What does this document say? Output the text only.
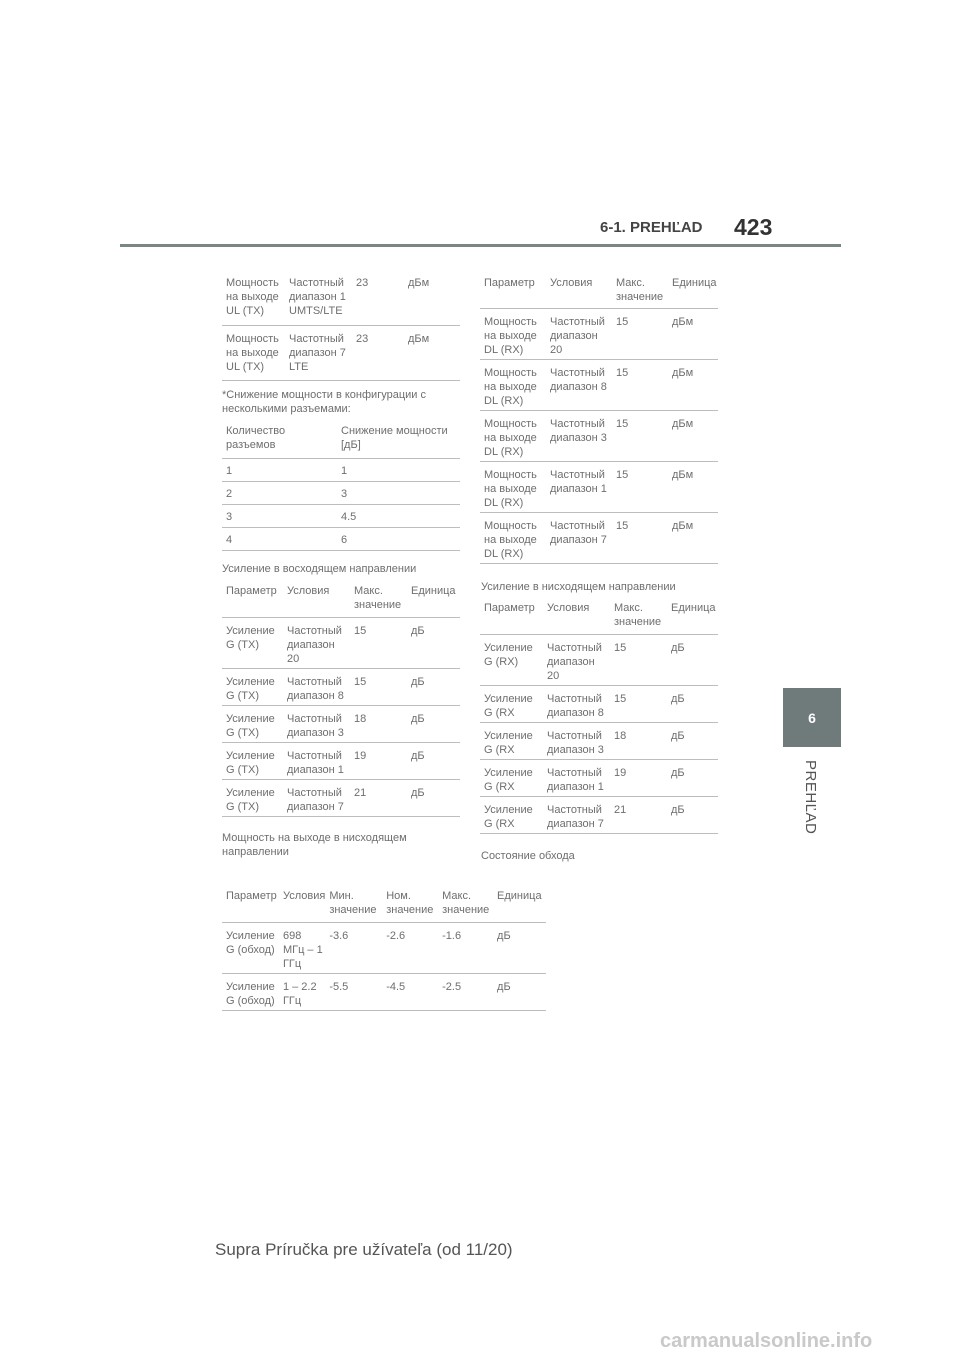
6-1. PREHĽAD 423
6
PREHĽAD
Мощность на выходе UL (TX)	Частотный диапазон 1 UMTS/LTE	23	дБм
Мощность на выходе UL (TX)	Частотный диапазон 7 LTE	23	дБм
*Снижение мощности в конфигурации с несколькими разъемами:
Количество разъемов	Снижение мощности [дБ]
1	1
2	3
3	4.5
4	6
Усиление в восходящем направлении
Параметр	Условия	Макс. значение	Единица
Усиление G (TX)	Частотный диапазон 20	15	дБ
Усиление G (TX)	Частотный диапазон 8	15	дБ
Усиление G (TX)	Частотный диапазон 3	18	дБ
Усиление G (TX)	Частотный диапазон 1	19	дБ
Усиление G (TX)	Частотный диапазон 7	21	дБ
Мощность на выходе в нисходящем направлении
Параметр	Условия	Макс. значение	Единица
Мощность на выходе DL (RX)	Частотный диапазон 20	15	дБм
Мощность на выходе DL (RX)	Частотный диапазон 8	15	дБм
Мощность на выходе DL (RX)	Частотный диапазон 3	15	дБм
Мощность на выходе DL (RX)	Частотный диапазон 1	15	дБм
Мощность на выходе DL (RX)	Частотный диапазон 7	15	дБм
Усиление в нисходящем направлении
Параметр	Условия	Макс. значение	Единица
Усиление G (RX)	Частотный диапазон 20	15	дБ
Усиление G (RX	Частотный диапазон 8	15	дБ
Усиление G (RX	Частотный диапазон 3	18	дБ
Усиление G (RX	Частотный диапазон 1	19	дБ
Усиление G (RX	Частотный диапазон 7	21	дБ
Состояние обхода
Параметр	Условия	Мин. значение	Ном. значение	Макс. значение	Единица
Усиление G (обход)	698 МГц – 1 ГГц	-3.6	-2.6	-1.6	дБ
Усиление G (обход)	1 – 2.2 ГГц	-5.5	-4.5	-2.5	дБ
Supra Príručka pre užívateľa (od 11/20)
carmanualsonline.info
